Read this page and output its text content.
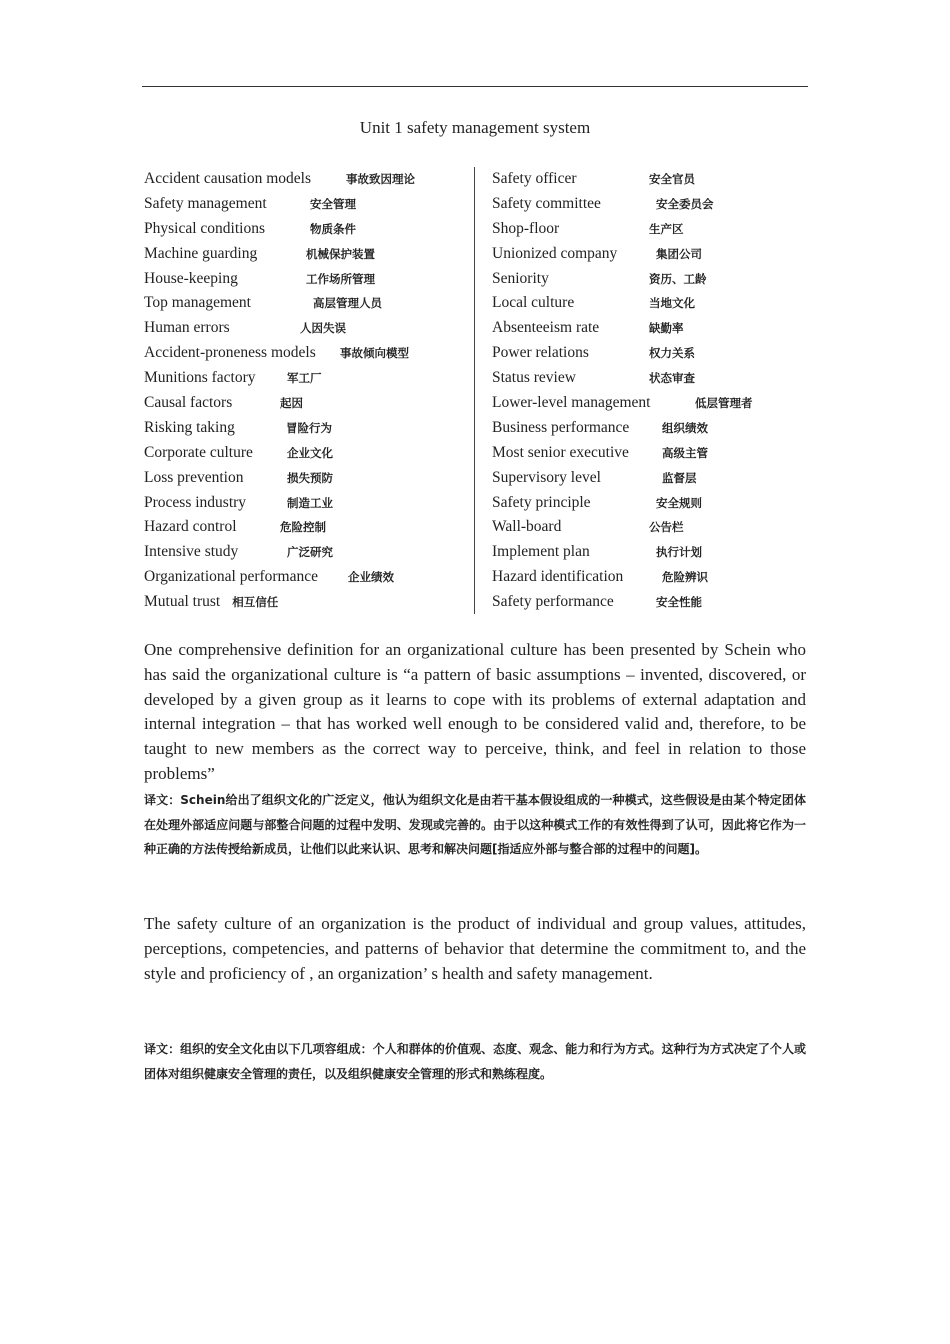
Unit 1 safety management system
Accident causation models	事故致因理论
Safety management	安全管理
Physical conditions	物质条件
Machine guarding	机械保护装置
House-keeping	工作场所管理
Top management	高层管理人员
Human errors	人因失误
Accident-proneness models 事故倾向模型
Munitions factory	军工厂
Causal factors	起因
Risking taking	冒险行为
Corporate culture	企业文化
Loss prevention	损失预防
Process industry	制造工业
Hazard control	危险控制
Intensive study	广泛研究
Organizational performance	企业绩效
Mutual trust 相互信任
Safety officer	安全官员
Safety committee	安全委员会
Shop-floor	生产区
Unionized company	集团公司
Seniority	资历、工龄
Local culture	当地文化
Absenteeism rate	缺勤率
Power relations	权力关系
Status review	状态审查
Lower-level management	低层管理者
Business performance	组织绩效
Most senior executive	高级主管
Supervisory level	监督层
Safety principle	安全规则
Wall-board	公告栏
Implement plan	执行计划
Hazard identification	危险辨识
Safety performance	安全性能
One comprehensive definition for an organizational culture has been presented by Schein who has said the organizational culture is “a pattern of basic assumptions – invented, discovered, or developed by a given group as it learns to cope with its problems of external adaptation and internal integration – that has worked well enough to be considered valid and, therefore, to be taught to new members as the correct way to perceive, think, and feel in relation to those problems”
译文：Schein给出了组织文化的广泛定义，他认为组织文化是由若干基本假设组成的一种模式，这些假设是由某个特定团体在处理外部适应问题与部整合问题的过程中发明、发现或完善的。由于以这种模式工作的有效性得到了认可，因此将它作为一种正确的方法传授给新成员，让他们以此来认识、思考和解决问题[指适应外部与整合部的过程中的问题]。
The safety culture of an organization is the product of individual and group values, attitudes, perceptions, competencies, and patterns of behavior that determine the commitment to, and the style and proficiency of , an organization’ s health and safety management.
译文：组织的安全文化由以下几项容组成：个人和群体的价值观、态度、观念、能力和行为方式。这种行为方式决定了个人或团体对组织健康安全管理的责任，以及组织健康安全管理的形式和熟练程度。
